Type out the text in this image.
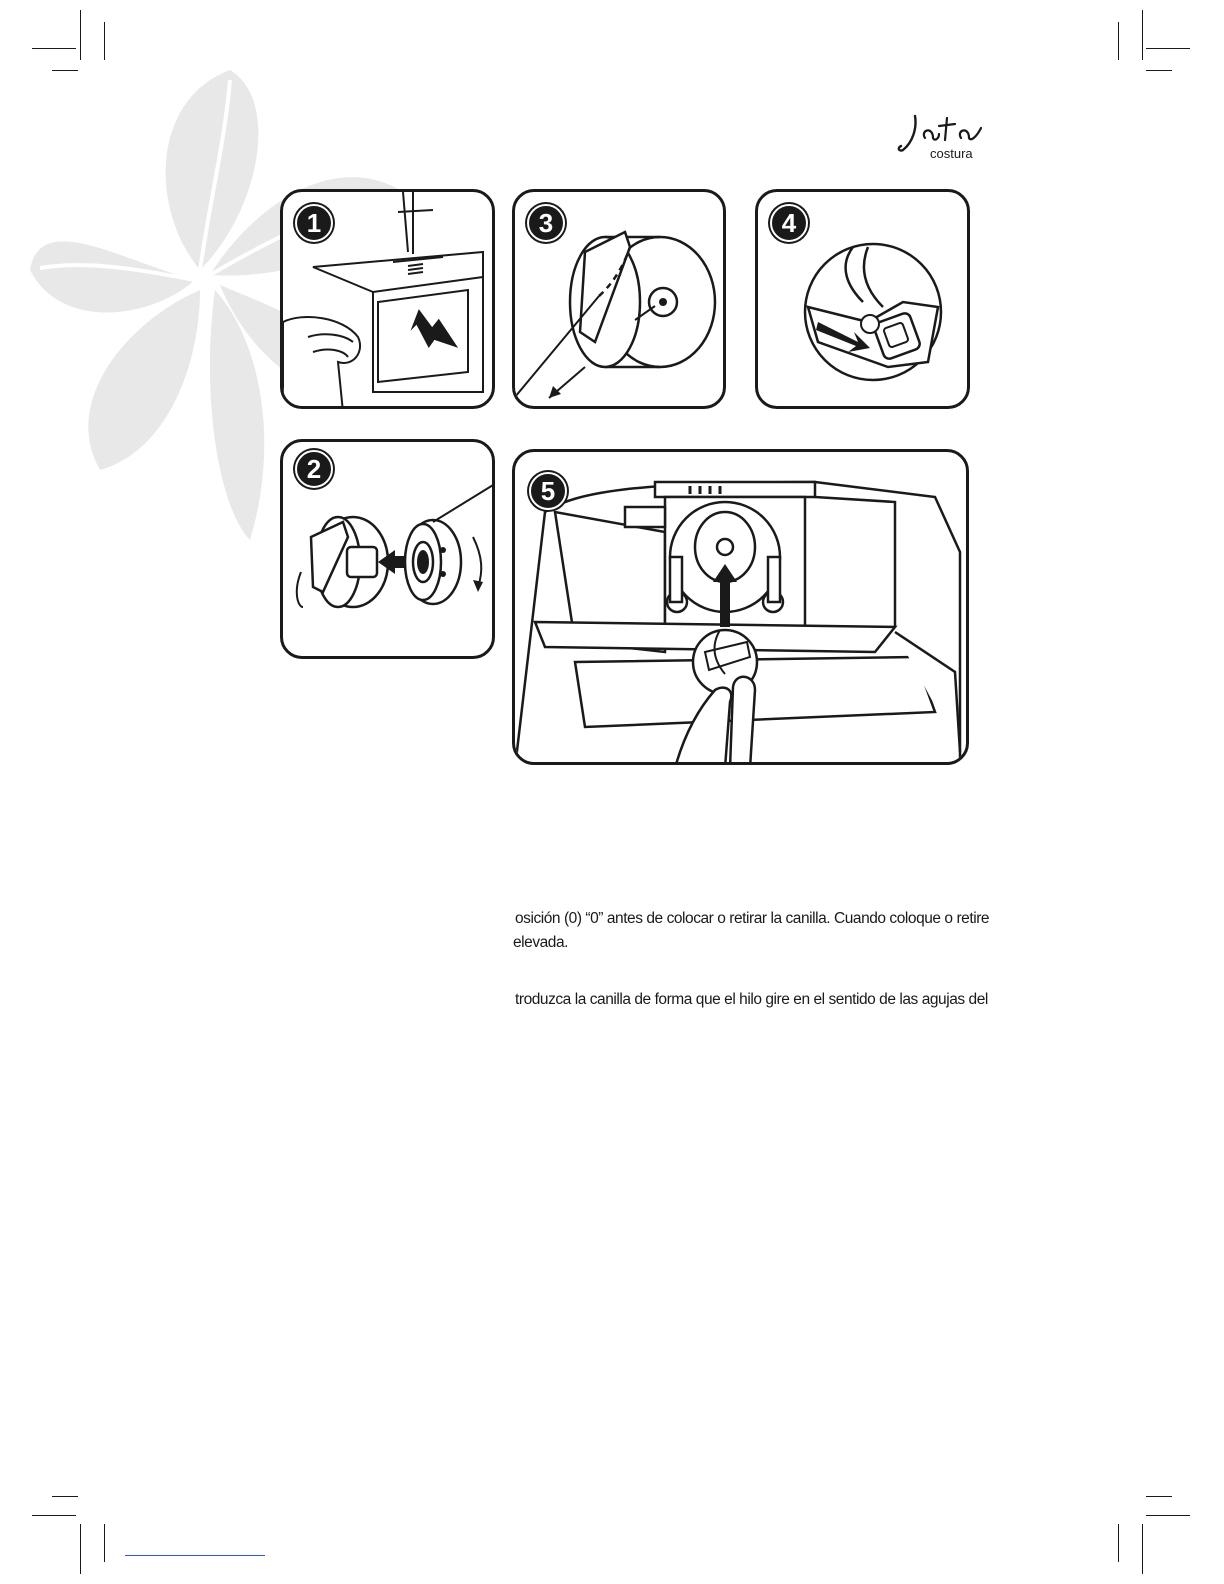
costura
1	3	4
2
5
osición (0) “0” antes de colocar o retirar la canilla. Cuando coloque o retire
elevada.
troduzca la canilla de forma que el hilo gire en el sentido de las agujas del
